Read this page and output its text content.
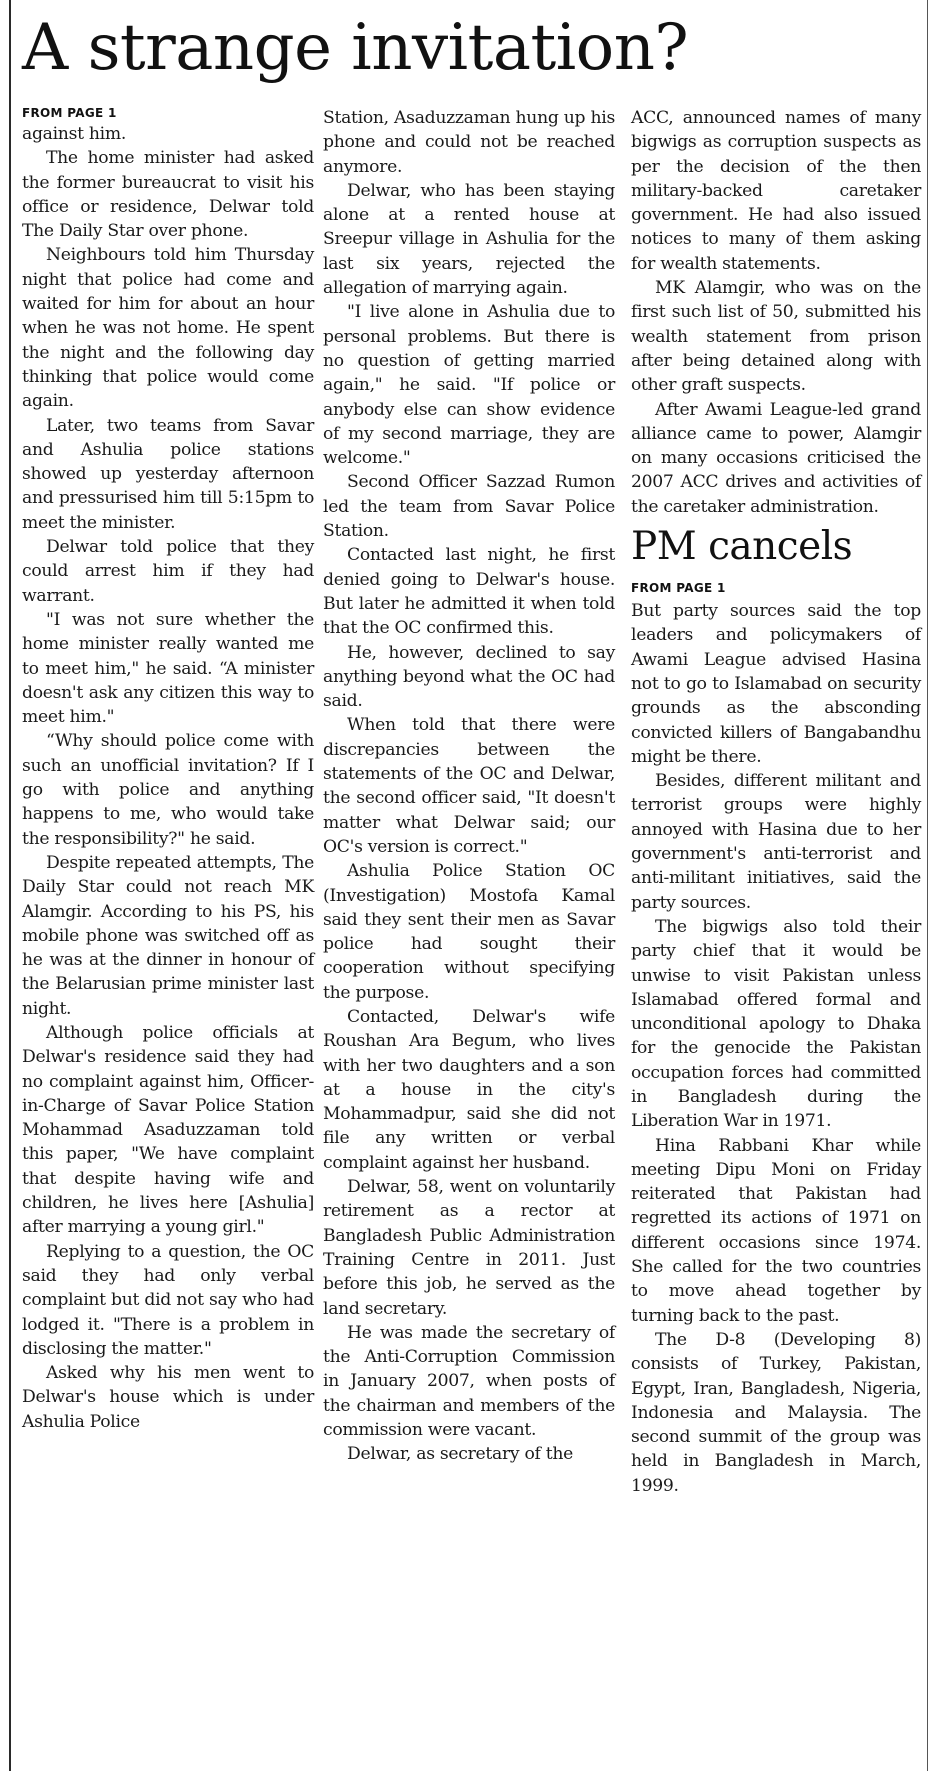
A strange invitation?
FROM PAGE 1

against him.

The home minister had asked the former bureaucrat to visit his office or residence, Delwar told The Daily Star over phone.

Neighbours told him Thursday night that police had come and waited for him for about an hour when he was not home. He spent the night and the following day thinking that police would come again.

Later, two teams from Savar and Ashulia police stations showed up yesterday afternoon and pressurised him till 5:15pm to meet the minister.

Delwar told police that they could arrest him if they had warrant.

"I was not sure whether the home minister really wanted me to meet him," he said. “A minister doesn't ask any citizen this way to meet him."

“Why should police come with such an unofficial invitation? If I go with police and anything happens to me, who would take the responsibility?" he said.

Despite repeated attempts, The Daily Star could not reach MK Alamgir. According to his PS, his mobile phone was switched off as he was at the dinner in honour of the Belarusian prime minister last night.

Although police officials at Delwar's residence said they had no complaint against him, Officer-in-Charge of Savar Police Station Mohammad Asaduzzaman told this paper, "We have complaint that despite having wife and children, he lives here [Ashulia] after marrying a young girl."

Replying to a question, the OC said they had only verbal complaint but did not say who had lodged it. "There is a problem in disclosing the matter."

Asked why his men went to Delwar's house which is under Ashulia Police

Station, Asaduzzaman hung up his phone and could not be reached anymore.

Delwar, who has been staying alone at a rented house at Sreepur village in Ashulia for the last six years, rejected the allegation of marrying again.

"I live alone in Ashulia due to personal problems. But there is no question of getting married again," he said. "If police or anybody else can show evidence of my second marriage, they are welcome."

Second Officer Sazzad Rumon led the team from Savar Police Station.

Contacted last night, he first denied going to Delwar's house. But later he admitted it when told that the OC confirmed this.

He, however, declined to say anything beyond what the OC had said.

When told that there were discrepancies between the statements of the OC and Delwar, the second officer said, "It doesn't matter what Delwar said; our OC's version is correct."

Ashulia Police Station OC (Investigation) Mostofa Kamal said they sent their men as Savar police had sought their cooperation without specifying the purpose.

Contacted, Delwar's wife Roushan Ara Begum, who lives with her two daughters and a son at a house in the city's Mohammadpur, said she did not file any written or verbal complaint against her husband.

Delwar, 58, went on voluntarily retirement as a rector at Bangladesh Public Administration Training Centre in 2011. Just before this job, he served as the land secretary.

He was made the secretary of the Anti-Corruption Commission in January 2007, when posts of the chairman and members of the commission were vacant.

Delwar, as secretary of the

ACC, announced names of many bigwigs as corruption suspects as per the decision of the then military-backed caretaker government. He had also issued notices to many of them asking for wealth statements.

MK Alamgir, who was on the first such list of 50, submitted his wealth statement from prison after being detained along with other graft suspects.

After Awami League-led grand alliance came to power, Alamgir on many occasions criticised the 2007 ACC drives and activities of the caretaker administration.

PM cancels
FROM PAGE 1

But party sources said the top leaders and policymakers of Awami League advised Hasina not to go to Islamabad on security grounds as the absconding convicted killers of Bangabandhu might be there.

Besides, different militant and terrorist groups were highly annoyed with Hasina due to her government's anti-terrorist and anti-militant initiatives, said the party sources.

The bigwigs also told their party chief that it would be unwise to visit Pakistan unless Islamabad offered formal and unconditional apology to Dhaka for the genocide the Pakistan occupation forces had committed in Bangladesh during the Liberation War in 1971.

Hina Rabbani Khar while meeting Dipu Moni on Friday reiterated that Pakistan had regretted its actions of 1971 on different occasions since 1974. She called for the two countries to move ahead together by turning back to the past.

The D-8 (Developing 8) consists of Turkey, Pakistan, Egypt, Iran, Bangladesh, Nigeria, Indonesia and Malaysia. The second summit of the group was held in Bangladesh in March, 1999.
